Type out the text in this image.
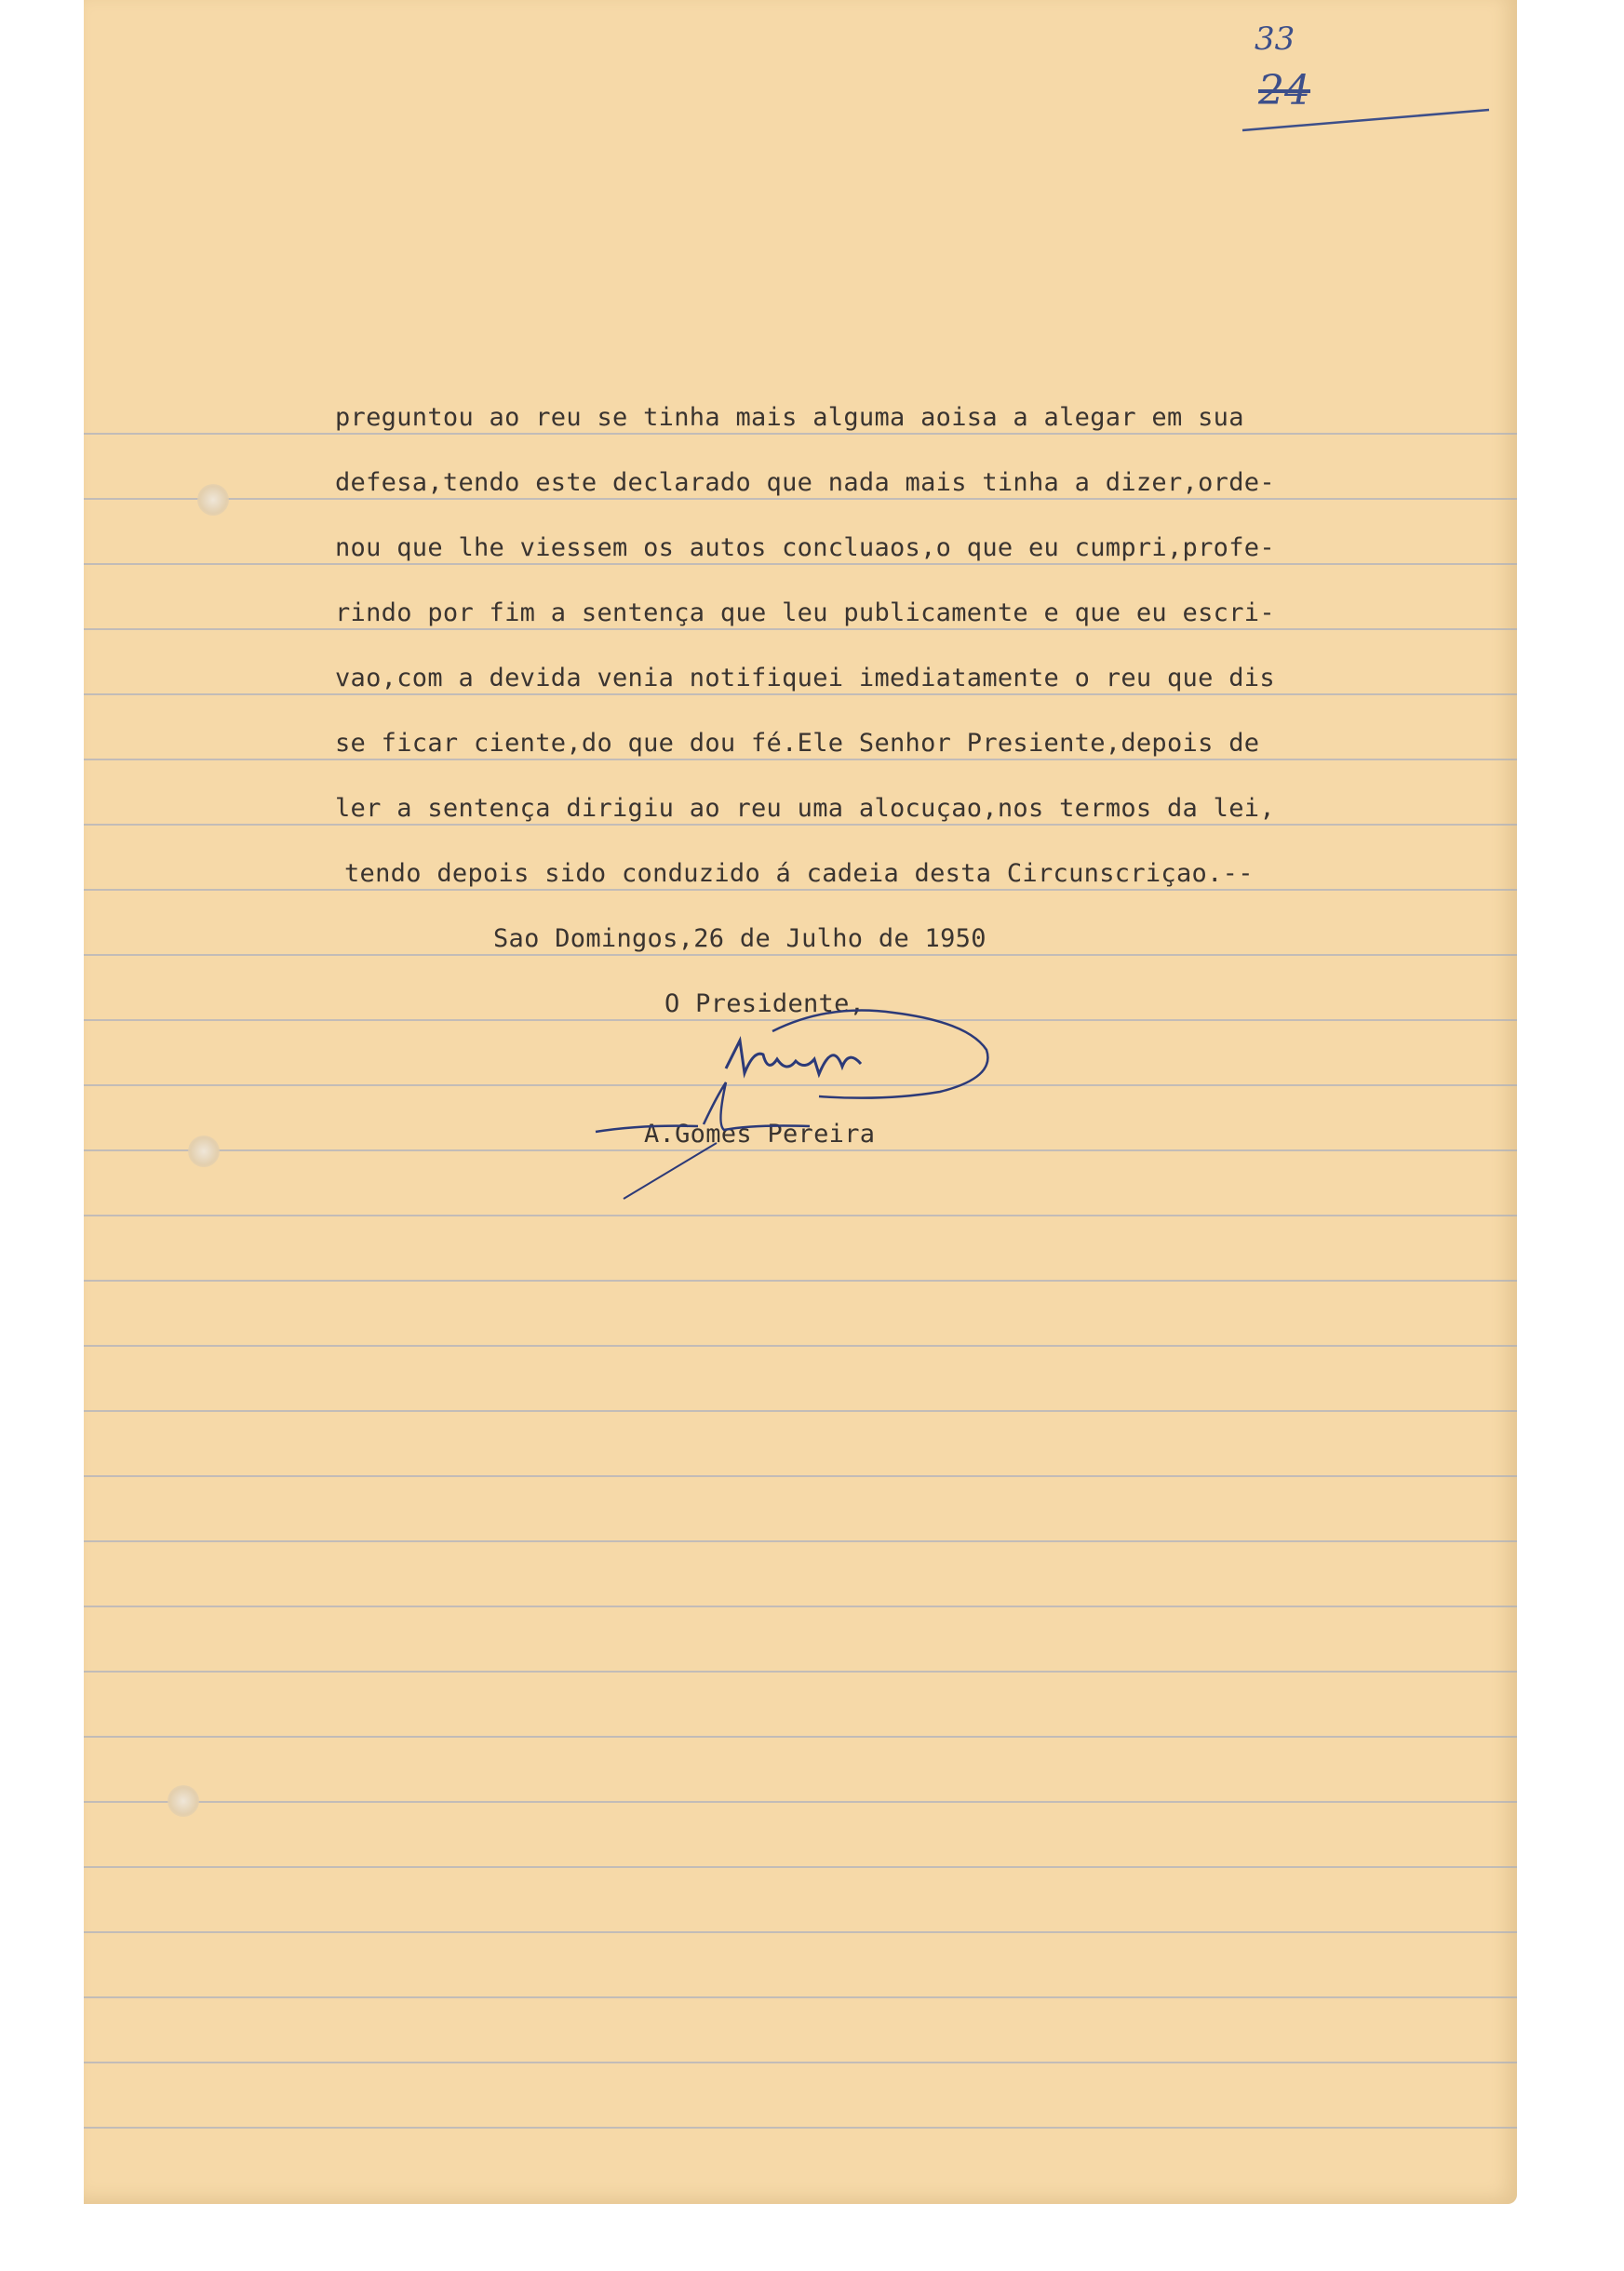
33
24
preguntou ao reu se tinha mais alguma aoisa a alegar em sua
defesa,tendo este declarado que nada mais tinha a dizer,orde-
nou que lhe viessem os autos concluaos,o que eu cumpri,profe-
rindo por fim a sentença que leu publicamente e que eu escri-
vao,com a devida venia notifiquei imediatamente o reu que dis
se ficar ciente,do que dou fé.Ele Senhor Presiente,depois de
ler a sentença dirigiu ao reu uma alocuçao,nos termos da lei,
tendo depois sido conduzido á cadeia desta Circunscriçao.--
Sao Domingos,26 de Julho de 1950
O Presidente,
A.Gomes Pereira
